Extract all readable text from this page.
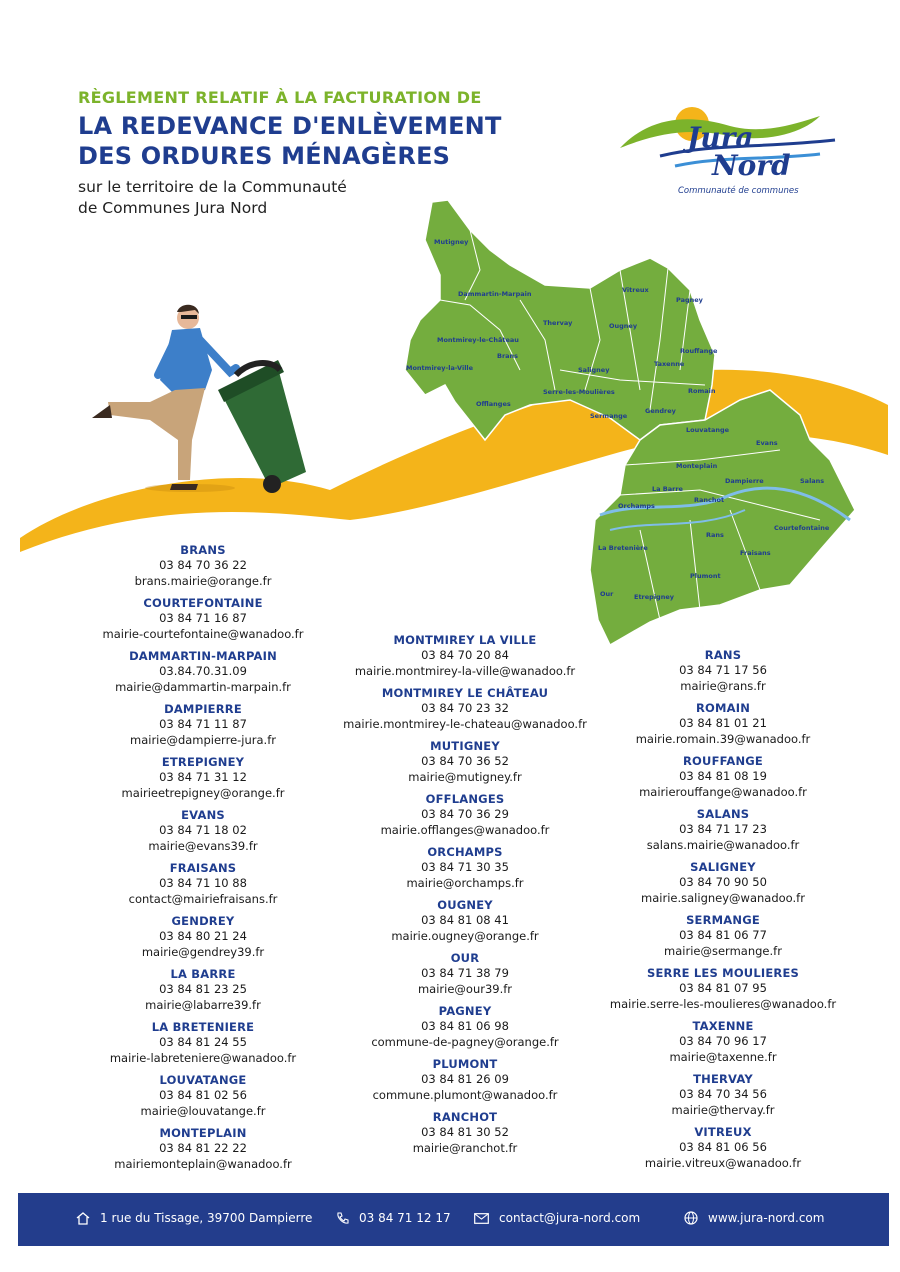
RÈGLEMENT RELATIF À LA FACTURATION DE

LA REDEVANCE D'ENLÈVEMENT
DES ORDURES MÉNAGÈRES

sur le territoire de la Communauté
de Communes Jura Nord

Jura
Nord
Communauté de communes
Mutigney
Dammartin-Marpain
Montmirey-le-Château
Montmirey-la-Ville
Brans
Offlanges
Thervay
Vitreux
Pagney
Ougney
Rouffange
Taxenne
Saligney
Serre-les-Moulières
Sermange
Gendrey
Romain
Louvatange
Evans
Monteplain
Dampierre	Salans
La Barre
Orchamps
Ranchot
Courtefontaine
Rans
La Bretenière
Fraisans
Plumont
Our	Etrepigney
BRANS
03 84 70 36 22
brans.mairie@orange.fr
COURTEFONTAINE
03 84 71 16 87
mairie-courtefontaine@wanadoo.fr
DAMMARTIN-MARPAIN
03.84.70.31.09
mairie@dammartin-marpain.fr
DAMPIERRE
03 84 71 11 87
mairie@dampierre-jura.fr
ETREPIGNEY
03 84 71 31 12
mairieetrepigney@orange.fr
EVANS
03 84 71 18 02
mairie@evans39.fr
FRAISANS
03 84 71 10 88
contact@mairiefraisans.fr
GENDREY
03 84 80 21 24
mairie@gendrey39.fr
LA BARRE
03 84 81 23 25
mairie@labarre39.fr
LA BRETENIERE
03 84 81 24 55
mairie-labreteniere@wanadoo.fr
LOUVATANGE
03 84 81 02 56
mairie@louvatange.fr
MONTEPLAIN
03 84 81 22 22
mairiemonteplain@wanadoo.fr
MONTMIREY LA VILLE
03 84 70 20 84
mairie.montmirey-la-ville@wanadoo.fr
MONTMIREY LE CHÂTEAU
03 84 70 23 32
mairie.montmirey-le-chateau@wanadoo.fr
MUTIGNEY
03 84 70 36 52
mairie@mutigney.fr
OFFLANGES
03 84 70 36 29
mairie.offlanges@wanadoo.fr
ORCHAMPS
03 84 71 30 35
mairie@orchamps.fr
OUGNEY
03 84 81 08 41
mairie.ougney@orange.fr
OUR
03 84 71 38 79
mairie@our39.fr
PAGNEY
03 84 81 06 98
commune-de-pagney@orange.fr
PLUMONT
03 84 81 26 09
commune.plumont@wanadoo.fr
RANCHOT
03 84 81 30 52
mairie@ranchot.fr
RANS
03 84 71 17 56
mairie@rans.fr
ROMAIN
03 84 81 01 21
mairie.romain.39@wanadoo.fr
ROUFFANGE
03 84 81 08 19
mairierouffange@wanadoo.fr
SALANS
03 84 71 17 23
salans.mairie@wanadoo.fr
SALIGNEY
03 84 70 90 50
mairie.saligney@wanadoo.fr
SERMANGE
03 84 81 06 77
mairie@sermange.fr
SERRE LES MOULIERES
03 84 81 07 95
mairie.serre-les-moulieres@wanadoo.fr
TAXENNE
03 84 70 96 17
mairie@taxenne.fr
THERVAY
03 84 70 34 56
mairie@thervay.fr
VITREUX
03 84 81 06 56
mairie.vitreux@wanadoo.fr
1 rue du Tissage, 39700 Dampierre	03 84 71 12 17	contact@jura-nord.com	www.jura-nord.com
